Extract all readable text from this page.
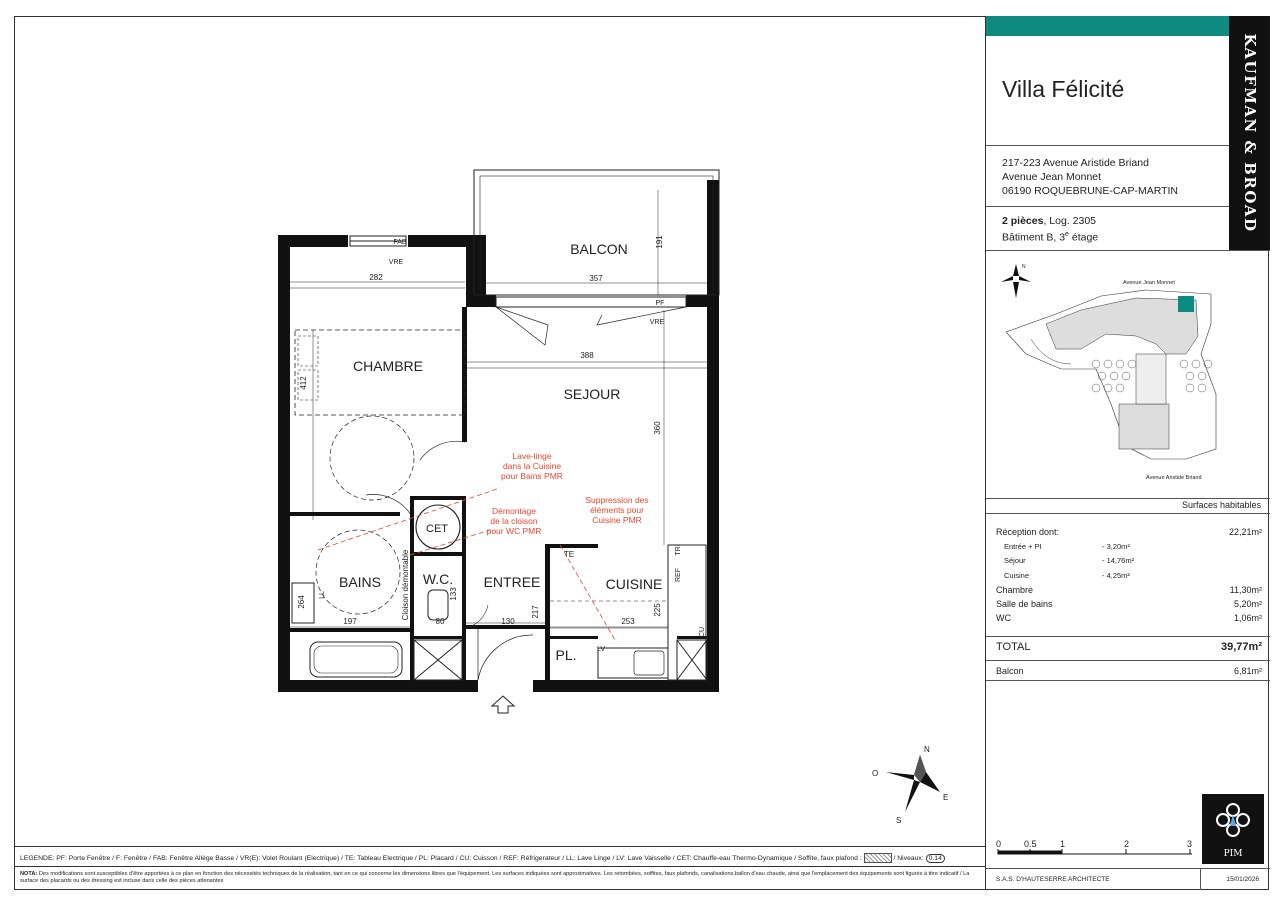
BALCON
CHAMBRE
SEJOUR
BAINS	W.C. ENTREE	CUISINE
CET
PL.
TE
357
282
388
197	80	130	253
191
360
412
217	225
264
133
FAB
VRE
PF
VRE
TRI
REF
CU
LL
LV
Cloison démontable
Lave-linge
dans la Cuisine
pour Bains PMR
Démontage
de la cloison
pour WC PMR
Suppression des
éléments pour
Cuisine PMR
N
E
S
O
LEGENDE: PF: Porte Fenêtre / F: Fenêtre / FAB: Fenêtre Allège Basse / VR(E): Volet Roulant (Electrique) / TE: Tableau Electrique / PL: Placard / CU: Cuisson / REF: Réfrigerateur / LL: Lave Linge / LV: Lave Vaisselle / CET: Chauffe-eau Thermo-Dynamique / Soffite, faux plafond :	/ Niveaux: 0.14
NOTA: Des modifications sont susceptibles d'être apportées à ce plan en fonction des nécessités techniques de la réalisation, tant en ce qui concerne les dimensions libres que l'équipement. Les surfaces indiquées sont approximatives. Les retombées, soffites, faux plafonds, canalisations,ballon d'eau chaude, ainsi que l'emplacement des équipements sont figurés à titre indicatif / La surface des placards ou des dressing est incluse dans celle des pièces attenantes
KAUFMAN & BROAD
Villa Félicité
217-223 Avenue Aristide Briand
Avenue Jean Monnet
06190 ROQUEBRUNE-CAP-MARTIN
2 pièces, Log. 2305
Bâtiment B, 3e étage
N
Avenue Jean Monnet
Avenue Aristide Briand
Surfaces habitables
Réception dont:	22,21m²
Entrée + PI	- 3,20m²
Séjour	- 14,76m²
Cuisine	- 4,25m²
Chambre	11,30m²
Salle de bains	5,20m²
WC	1,06m²
TOTAL	39,77m²
Balcon	6,81m²
0	0.5	1	2	3
PIM
S.A.S. D'HAUTESERRE ARCHITECTE	15/01/2026
